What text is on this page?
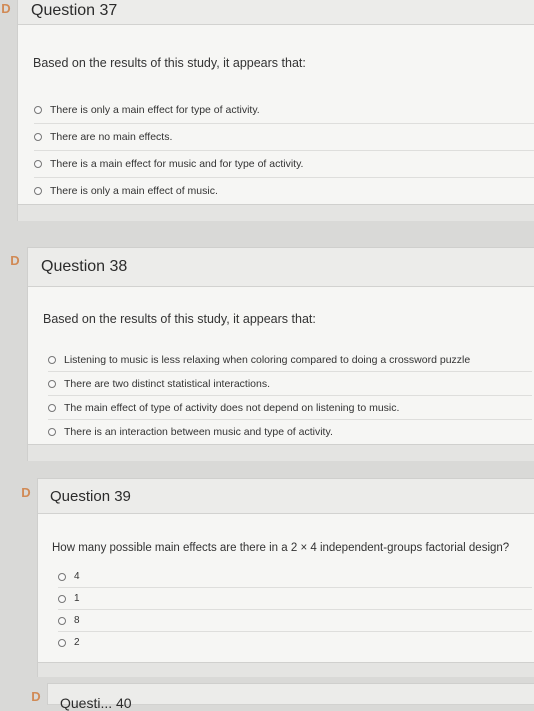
D Question 37
Based on the results of this study, it appears that:
There is only a main effect for type of activity.
There are no main effects.
There is a main effect for music and for type of activity.
There is only a main effect of music.
D Question 38
Based on the results of this study, it appears that:
Listening to music is less relaxing when coloring compared to doing a crossword puzzle
There are two distinct statistical interactions.
The main effect of type of activity does not depend on listening to music.
There is an interaction between music and type of activity.
D Question 39
How many possible main effects are there in a 2 × 4 independent-groups factorial design?
4
1
8
2
D Questi... 40
